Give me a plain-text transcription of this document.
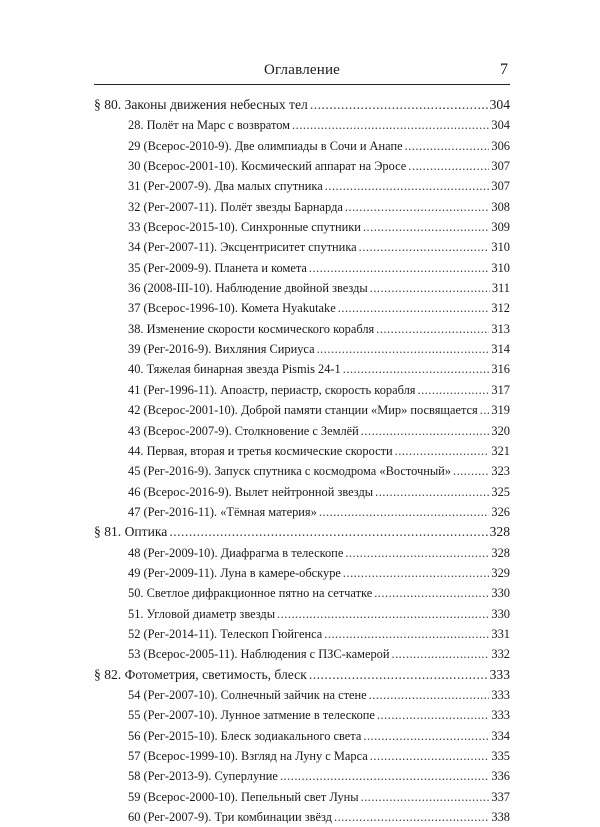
Оглавление	7
§ 80. Законы движения небесных тел .....	304
28. Полёт на Марс с возвратом .....	304
29 (Всерос-2010-9). Две олимпиады в Сочи и Анапе .....	306
30 (Всерос-2001-10). Космический аппарат на Эросе .....	307
31 (Рег-2007-9). Два малых спутника .....	307
32 (Рег-2007-11). Полёт звезды Барнарда .....	308
33 (Всерос-2015-10). Синхронные спутники .....	309
34 (Рег-2007-11). Эксцентриситет спутника .....	310
35 (Рег-2009-9). Планета и комета .....	310
36 (2008-III-10). Наблюдение двойной звезды .....	311
37 (Всерос-1996-10). Комета Hyakutake .....	312
38. Изменение скорости космического корабля .....	313
39 (Рег-2016-9). Вихляния Сириуса .....	314
40. Тяжелая бинарная звезда Pismis 24-1 .....	316
41 (Рег-1996-11). Апоастр, периастр, скорость корабля .....	317
42 (Всерос-2001-10). Доброй памяти станции «Мир» посвящается ..... 319
43 (Всерос-2007-9). Столкновение с Землёй .....	320
44. Первая, вторая и третья космические скорости .....	321
45 (Рег-2016-9). Запуск спутника с космодрома «Восточный» .....	323
46 (Всерос-2016-9). Вылет нейтронной звезды .....	325
47 (Рег-2016-11). «Тёмная материя» .....	326
§ 81. Оптика .....	328
48 (Рег-2009-10). Диафрагма в телескопе .....	328
49 (Рег-2009-11). Луна в камере-обскуре .....	329
50. Светлое дифракционное пятно на сетчатке .....	330
51. Угловой диаметр звезды .....	330
52 (Рег-2014-11). Телескоп Гюйгенса .....	331
53 (Всерос-2005-11). Наблюдения с ПЗС-камерой .....	332
§ 82. Фотометрия, светимость, блеск .....	333
54 (Рег-2007-10). Солнечный зайчик на стене .....	333
55 (Рег-2007-10). Лунное затмение в телескопе .....	333
56 (Рег-2015-10). Блеск зодиакального света .....	334
57 (Всерос-1999-10). Взгляд на Луну с Марса .....	335
58 (Рег-2013-9). Суперлуние .....	336
59 (Всерос-2000-10). Пепельный свет Луны .....	337
60 (Рег-2007-9). Три комбинации звёзд .....	338
